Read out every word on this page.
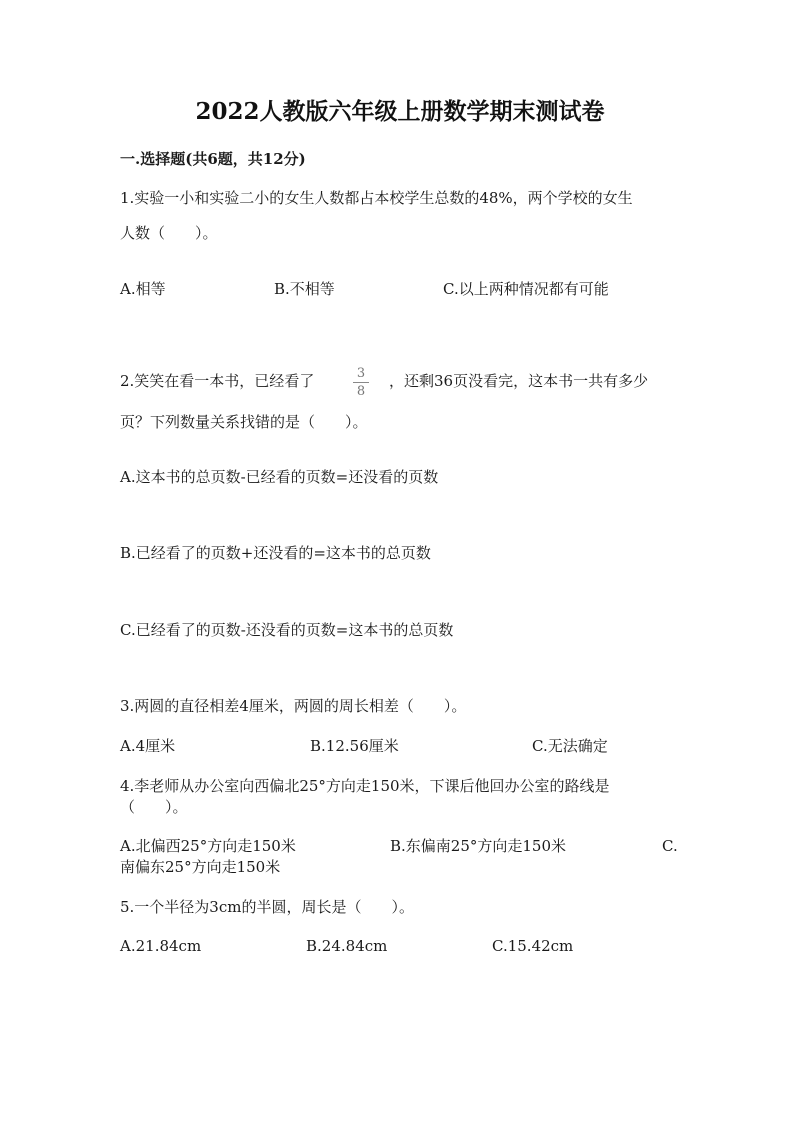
2022人教版六年级上册数学期末测试卷
一.选择题(共6题，共12分)
1.实验一小和实验二小的女生人数都占本校学生总数的48%，两个学校的女生
人数（　　）。
A.相等	B.不相等	C.以上两种情况都有可能
2.笑笑在看一本书，已经看了	3
8
，还剩36页没看完，这本书一共有多少
页？下列数量关系找错的是（　　）。
A.这本书的总页数-已经看的页数=还没看的页数
B.已经看了的页数+还没看的=这本书的总页数
C.已经看了的页数-还没看的页数=这本书的总页数
3.两圆的直径相差4厘米，两圆的周长相差（　　）。
A.4厘米	B.12.56厘米	C.无法确定
4.李老师从办公室向西偏北25°方向走150米，下课后他回办公室的路线是
（　　）。
A.北偏西25°方向走150米	B.东偏南25°方向走150米	C.
南偏东25°方向走150米
5.一个半径为3cm的半圆，周长是（　　）。
A.21.84cm	B.24.84cm	C.15.42cm
